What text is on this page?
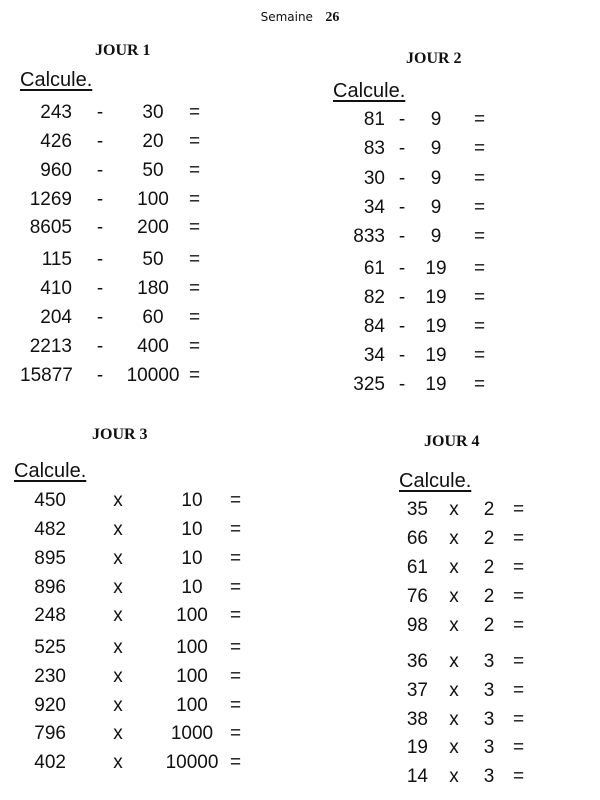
Semaine 26
JOUR 1
Calcule.
243	-	30	=
426	-	20	=
960	-	50	=
1269	-	100	=
8605	-	200	=
115	-	50	=
410	-	180	=
204	-	60	=
2213	-	400	=
15877	-	10000 =
JOUR 2
Calcule.
81 -	9	=
83 -	9	=
30 -	9	=
34 -	9	=
833 -	9	=
61 -	19	=
82 -	19	=
84 -	19	=
34 -	19	=
325 -	19	=
JOUR 3
Calcule.
450 x	10	=
482 x	10	=
895 x	10	=
896 x	10	=
248 x	100	=
525 x	100	=
230 x	100	=
920 x	100	=
796 x	1000 =
402 x 10000 =
JOUR 4
Calcule.
35 x	2 =
66 x	2 =
61 x	2 =
76 x	2 =
98 x	2 =
36 x	3 =
37 x	3 =
38 x	3 =
19 x	3 =
14 x	3 =
